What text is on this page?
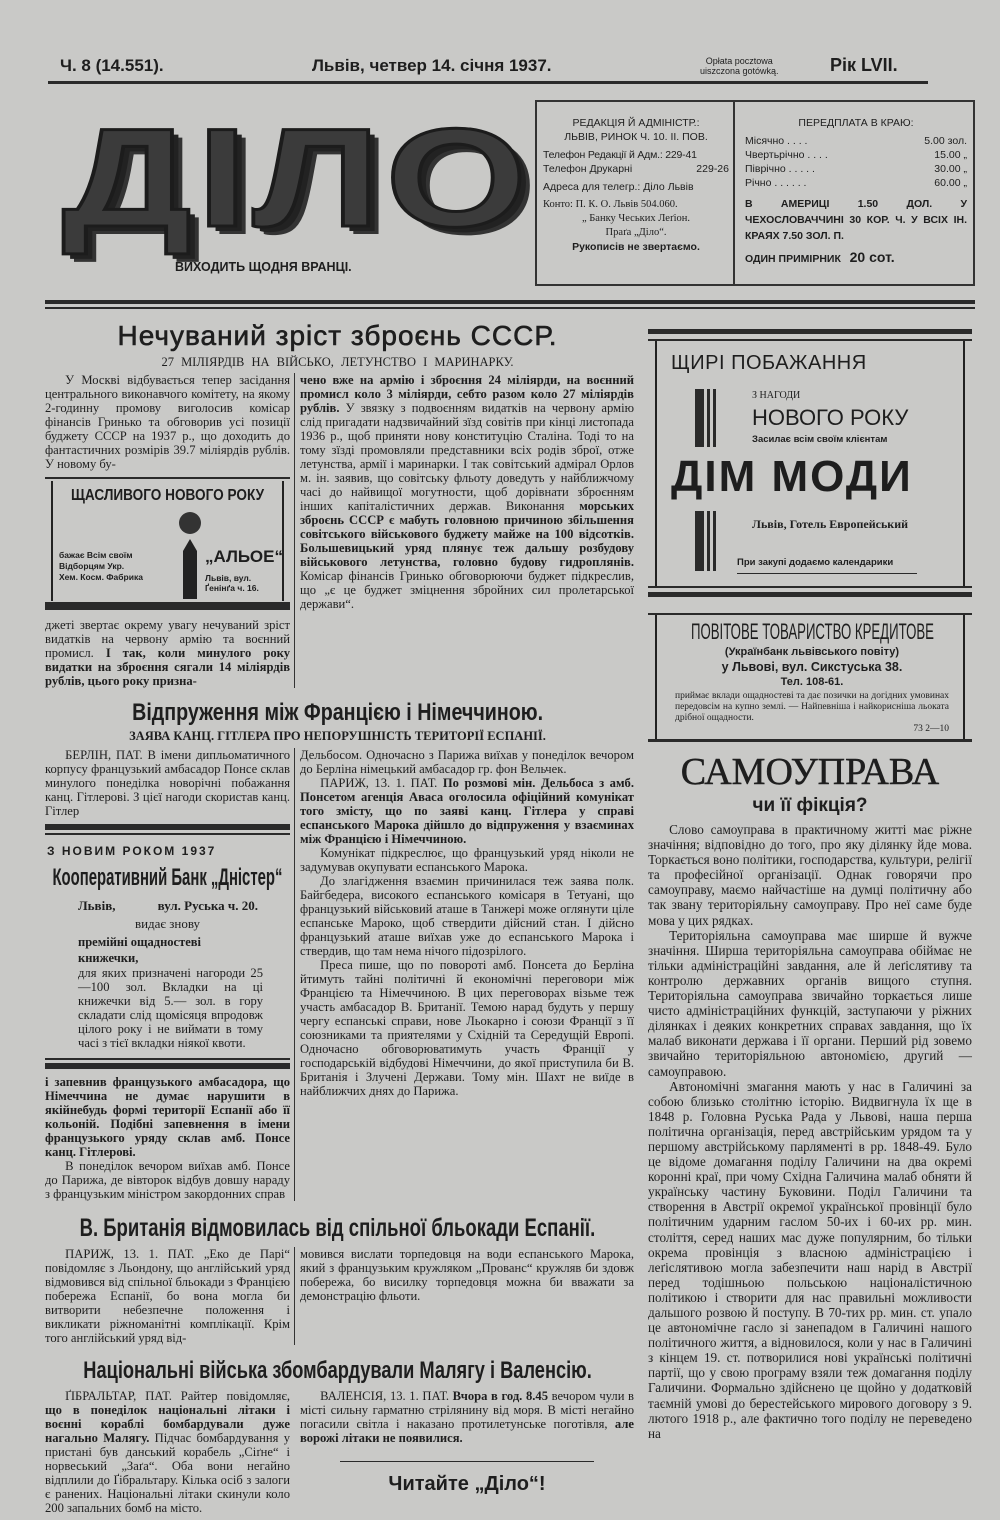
Ч. 8 (14.551).	Львів, четвер 14. січня 1937.	Opłata pocztowa
uiszczona gotówką.	Рік LVII.
ДІЛО
ВИХОДИТЬ ЩОДНЯ ВРАНЦІ.
РЕДАКЦІЯ Й АДМІНІСТР.:
ЛЬВІВ, РИНОК Ч. 10. II. ПОВ.
Телефон Редакції й Адм.: 229-41
Телефон Друкарні	229-26
Адреса для телегр.: Діло Львів
Конто: П. К. О. Львів 504.060.
„ Банку Чеських Леґіон.
Праґа „Діло“.
Рукописів не звертаємо.
ПЕРЕДПЛАТА В КРАЮ:
Місячно . . . .	5.00 зол.
Чвертьрічно . . . .	15.00 „
Піврічно . . . . .	30.00 „
Річно . . . . . .	60.00 „
В АМЕРИЦІ 1.50 ДОЛ. У ЧЕХОСЛОВАЧЧИНІ 30 КОР. Ч. У ВСІХ ІН. КРАЯХ 7.50 ЗОЛ. П.
ОДИН ПРИМІРНИК 20 сот.
Нечуваний зріст зброєнь СССР.
27 МІЛІЯРДІВ НА ВІЙСЬКО, ЛЕТУНСТВО І МАРИНАРКУ.

У Москві відбувається тепер засідання центрального виконавчого комітету, на якому 2-годинну промову виголосив комісар фінансів Гринько та обговорив усі позиції буджету СССР на 1937 р., що доходить до фантастичних розмірів 39.7 міліярдів рублів. У новому бу-

ЩАСЛИВОГО НОВОГО РОКУ
бажає Всім своїм
Відборцям Укр.
Хем. Косм. Фабрика
„АЛЬОЕ“
Львів, вул. Ґенінґа ч. 16.

джеті звертає окрему увагу нечуваний зріст видатків на червону армію та воєнний промисл. І так, коли минулого року видатки на зброєння сягали 14 міліярдів рублів, цього року призна-

чено вже на армію і зброєння 24 міліярди, на воєнний промисл коло 3 міліярди, себто разом коло 27 міліярдів рублів. У звязку з подвоєнням видатків на червону армію слід пригадати надзвичайний зїзд совітів при кінці листопада 1936 р., щоб приняти нову конституцію Сталіна. Тоді то на тому зїзді промовляли представники всіх родів зброї, отже летунства, армії і маринарки. І так совітський адмірал Орлов м. ін. заявив, що совітську фльоту доведуть у найближчому часі до найвищої могутности, щоб дорівнати зброєнням інших капіталістичних держав. Виконання морських зброєнь СССР є мабуть головною причиною збільшення совітського військового буджету майже на 100 відсотків. Большевицький уряд плянує теж дальшу розбудову військового летунства, головно будову гидроплянів. Комісар фінансів Гринько обговорюючи буджет підкреслив, що „є це буджет зміцнення збройних сил пролетарської держави“.

Відпруження між Францією і Німеччиною.
ЗАЯВА КАНЦ. ГІТЛЕРА ПРО НЕПОРУШНІСТЬ ТЕРИТОРІЇ ЕСПАНІЇ.

БЕРЛІН, ПАТ. В імени дипльоматичного корпусу французький амбасадор Понсе склав минулого понеділка новорічні побажання канц. Гітлерові. З цієї нагоди скористав канц. Гітлер

З НОВИМ РОКОМ 1937
Кооперативний Банк „Дністер“
Львів,	вул. Руська ч. 20.
видає знову
премійні ощадностеві книжечки,

для яких призначені нагороди 25—100 зол. Вкладки на ці книжечки від 5.— зол. в гору складати слід щомісяця впродовж цілого року і не виймати в тому часі з тієї вкладки ніякої квоти.

і запевнив французького амбасадора, що Німеччина не думає нарушити в якійнебудь формі території Еспанії або її кольоній. Подібні запевнення в імени французького уряду склав амб. Понсе канц. Гітлерові.

В понеділок вечором виїхав амб. Понсе до Парижа, де вівторок відбув довшу нараду з французьким міністром закордонних справ

Дельбосом. Одночасно з Парижа виїхав у понеділок вечором до Берліна німецький амбасадор гр. фон Вельчек.

ПАРИЖ, 13. 1. ПАТ. По розмові мін. Дельбоса з амб. Понсетом агенція Аваса оголосила офіційний комунікат того змісту, що по заяві канц. Гітлера у справі еспанського Марока дійшло до відпруження у взаєминах між Францією і Німеччиною.

Комунікат підкреслює, що французький уряд ніколи не задумував окупувати еспанського Марока.

До злагідження взаємин причинилася теж заява полк. Байгбедера, високого еспанського комісаря в Тетуані, що французький військовий аташе в Танжері може оглянути ціле еспанське Мароко, щоб ствердити дійсний стан. І дійсно французький аташе виїхав уже до еспанського Марока і ствердив, що там нема нічого підозрілого.

Преса пише, що по повороті амб. Понсета до Берліна йтимуть тайні політичні й економічні переговори між Францією та Німеччиною. В цих переговорах візьме теж участь амбасадор В. Британії. Темою нарад будуть у першу чергу еспанські справи, нове Льокарно і союзи Франції з її союзниками та приятелями у Східній та Середущій Европі. Одночасно обговорюватимуть участь Франції у господарській відбудові Німеччини, до якої приступила би В. Британія і Злучені Держави. Тому мін. Шахт не виїде в найближчих днях до Парижа.

В. Британія відмовилась від спільної бльокади Еспанії.

ПАРИЖ, 13. 1. ПАТ. „Еко де Парі“ повідомляє з Льондону, що англійський уряд відмовився від спільної бльокади з Францією побережа Еспанії, бо вона могла би витворити небезпечне положення і викликати ріжноманітні комплікації. Крім того англійський уряд від-

мовився вислати торпедовця на води еспанського Марока, який з французьким кружляком „Прованс“ кружляв би здовж побережа, бо висилку торпедовця можна би вважати за демонстрацію фльоти.

Національні війська збомбардували Малягу і Валенсію.

ҐІБРАЛЬТАР, ПАТ. Райтер повідомляє, що в понеділок національні літаки і воєнні кораблі бомбардували дуже нагально Малягу. Підчас бомбардування у пристані був данський корабель „Сіґне“ і норвеський „Заґа“. Оба вони негайно відплили до Ґібральтару. Кілька осіб з залоги є ранених. Національні літаки скинули коло 200 запальних бомб на місто.

ВАЛЕНСІЯ, 13. 1. ПАТ. Вчора в год. 8.45 вечором чули в місті сильну гарматню стрілянину від моря. В місті негайно погасили світла і наказано протилетунське поготівля, але ворожі літаки не появилися.

Читайте „Діло“!
ЩИРІ ПОБАЖАННЯ
З НАГОДИ
НОВОГО РОКУ
Засилає всім своїм клієнтам
ДІМ МОДИ
Львів, Готель Европейський
При закупі додаємо календарики
ПОВІТОВЕ ТОВАРИСТВО КРЕДИТОВЕ
(Українбанк львівського повіту)
у Львові, вул. Сикстуська 38.
Тел. 108-61.
приймає вклади ощадностеві та дає позички на догідних умовинах передовсім на купно землі. — Найпевніша і найкорисніша льоката дрібної ощадности.
73 2—10
САМОУПРАВА
чи її фікція?

Слово самоуправа в практичному житті має ріжне значіння; відповідно до того, про яку ділянку йде мова. Торкається воно політики, господарства, культури, релігії та професійної організації. Однак говорячи про самоуправу, маємо найчастіше на думці політичну або так звану територіяльну самоуправу. Про неї саме буде мова у цих рядках.

Територіяльна самоуправа має ширше й вужче значіння. Ширша територіяльна самоуправа обіймає не тільки адміністраційні завдання, але й леґіслятиву та контролю державних органів вищого ступня. Територіяльна самоуправа звичайно торкається лише чисто адміністраційних функцій, заступаючи у ріжних ділянках і деяких конкретних справах завдання, що їх малаб виконати держава і її органи. Перший рід зовемо звичайно територіяльною автономією, другий — самоуправою.

Автономічні змагання мають у нас в Галичині за собою близько столітню історію. Видвигнула їх ще в 1848 р. Головна Руська Рада у Львові, наша перша політична організація, перед австрійським урядом та у першому австрійському парляменті в рр. 1848-49. Було це відоме домагання поділу Галичини на два окремі коронні краї, при чому Східна Галичина малаб обняти й українську частину Буковини. Поділ Галичини та створення в Австрії окремої української провінції було політичним ударним гаслом 50-их і 60-их рр. мин. століття, серед наших мас дуже популярним, бо тільки окрема провінція з власною адміністрацією і леґіслятивою могла забезпечити наш нарід в Австрії перед тодішньою польською націоналістичною політикою і створити для нас правильні можливости дальшого розвою й поступу. В 70-тих рр. мин. ст. упало це автономічне гасло зі занепадом в Галичині нашого політичного життя, а відновилося, коли у нас в Галичині з кінцем 19. ст. потворилися нові українські політичні партії, що у свою програму взяли теж домагання поділу Галичини. Формально здійснено це щойно у додатковій таємній умові до берестейського мирового договору з 9. лютого 1918 р., але фактично того поділу не переведено на
